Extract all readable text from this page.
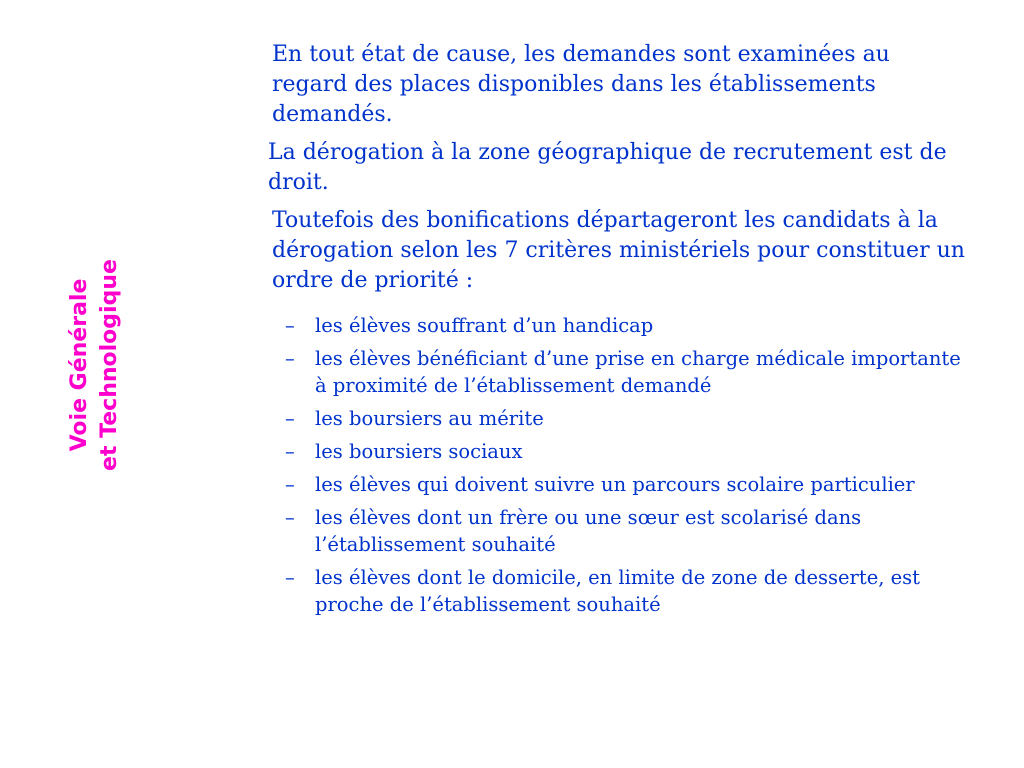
Voie Générale et Technologique

En tout état de cause, les demandes sont examinées au regard des places disponibles dans les établissements demandés.

La dérogation à la zone géographique de recrutement est de droit.

Toutefois des bonifications départageront les candidats à la dérogation selon les 7 critères ministériels pour constituer un ordre de priorité :

– les élèves souffrant d’un handicap
– les élèves bénéficiant d’une prise en charge médicale importante à proximité de l’établissement demandé
– les boursiers au mérite
– les boursiers sociaux
– les élèves qui doivent suivre un parcours scolaire particulier
– les élèves dont un frère ou une sœur est scolarisé dans l’établissement souhaité
– les élèves dont le domicile, en limite de zone de desserte, est proche de l’établissement souhaité
